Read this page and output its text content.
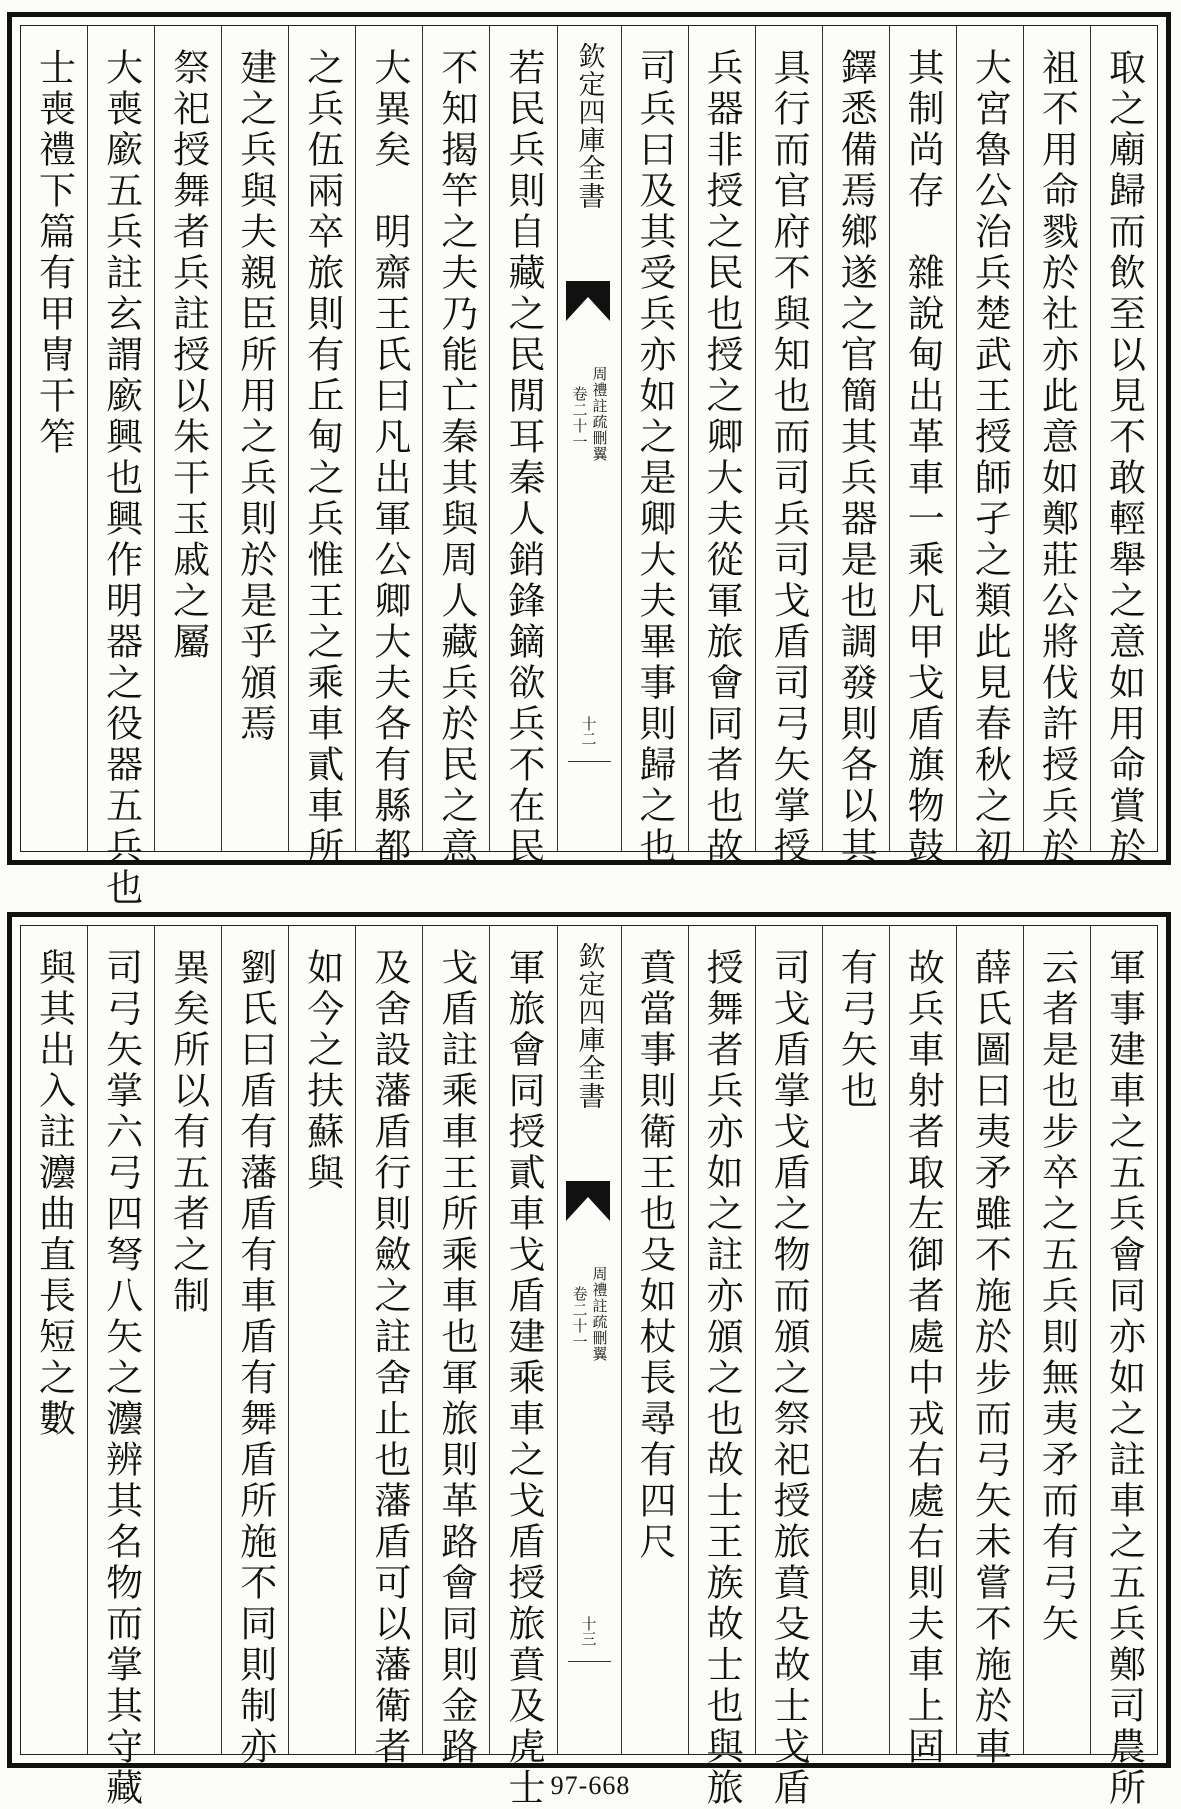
取之廟歸而飲至以見不敢輕舉之意如用命賞於
祖不用命戮於社亦此意如鄭莊公將伐許授兵於
大宮魯公治兵楚武王授師孑之類此見春秋之初
其制尚存　雜說甸出革車一乘凡甲戈盾旗物鼓
鐸悉備焉鄉遂之官簡其兵器是也調發則各以其
具行而官府不與知也而司兵司戈盾司弓矢掌授
兵器非授之民也授之卿大夫從軍旅會同者也故
司兵曰及其受兵亦如之是卿大夫畢事則歸之也
欽定四庫全書
周禮註疏刪翼
卷二十一
十二
若民兵則自藏之民閒耳秦人銷鋒鏑欲兵不在民
不知揭竿之夫乃能亡秦其與周人藏兵於民之意
大異矣　明齋王氏曰凡出軍公卿大夫各有縣都
之兵伍兩卒旅則有丘甸之兵惟王之乘車貳車所
建之兵與夫親臣所用之兵則於是乎頒焉
祭祀授舞者兵註授以朱干玉戚之屬
大喪廞五兵註玄謂廞興也興作明器之役器五兵也
士喪禮下篇有甲冑干笮
軍事建車之五兵會同亦如之註車之五兵鄭司農所
云者是也步卒之五兵則無夷矛而有弓矢
薛氏圖曰夷矛雖不施於步而弓矢未嘗不施於車
故兵車射者取左御者處中戎右處右則夫車上固
有弓矢也
司戈盾掌戈盾之物而頒之祭祀授旅賁殳故士戈盾
授舞者兵亦如之註亦頒之也故士王族故士也與旅
賁當事則衛王也殳如杖長尋有四尺
欽定四庫全書
周禮註疏刪翼
卷二十一
十三
軍旅會同授貳車戈盾建乘車之戈盾授旅賁及虎士
戈盾註乘車王所乘車也軍旅則革路會同則金路
及舍設藩盾行則斂之註舍止也藩盾可以藩衛者
如今之扶蘇與
劉氏曰盾有藩盾有車盾有舞盾所施不同則制亦
異矣所以有五者之制
司弓矢掌六弓四弩八矢之灋辨其名物而掌其守藏
與其出入註灋曲直長短之數
97-668
